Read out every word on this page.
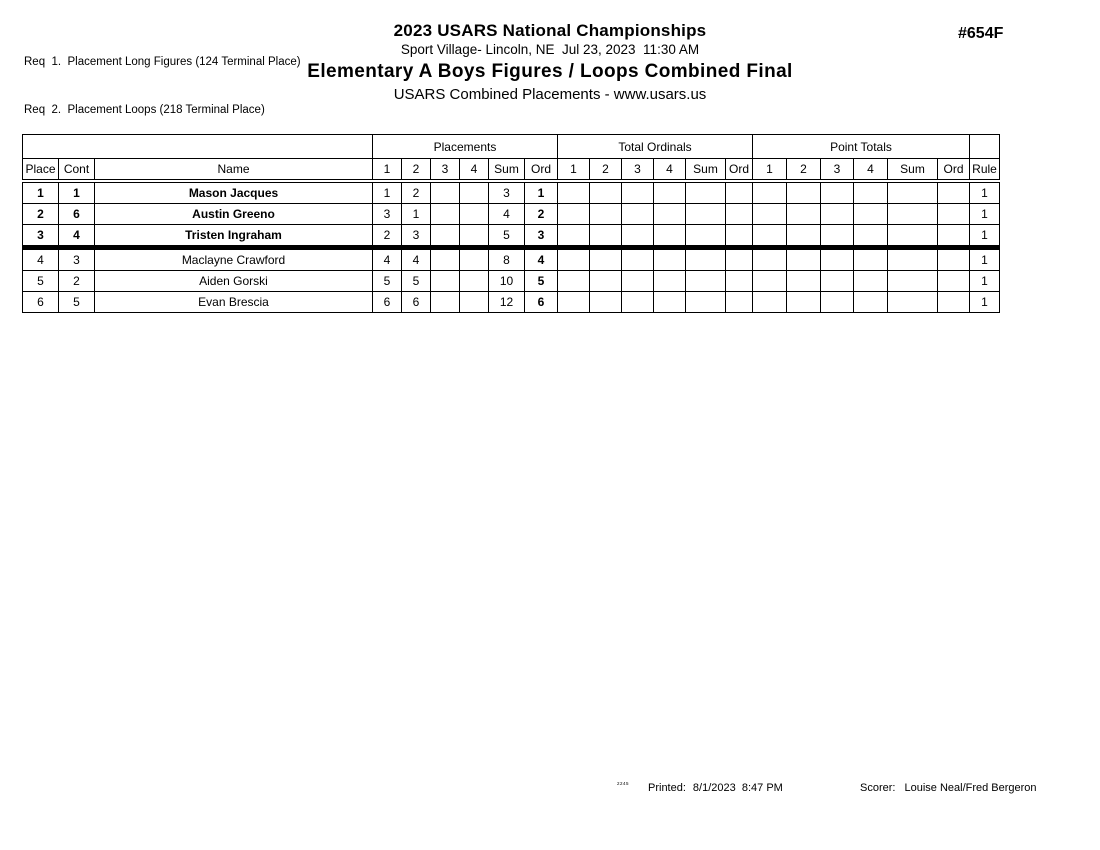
Req  1.  Placement Long Figures (124 Terminal Place)

Req  2.  Placement Loops (218 Terminal Place)

2023 USARS National Championships
Sport Village- Lincoln, NE  Jul 23, 2023  11:30 AM
Elementary A Boys Figures / Loops Combined Final
USARS Combined Placements - www.usars.us
#654F
			Placements						Total Ordinals						Point Totals						
Place	Cont	Name	1	2	3	4	Sum	Ord	1	2	3	4	Sum	Ord	1	2	3	4	Sum	Ord	Rule
1	1	Mason Jacques	1	2			3	1													1
2	6	Austin Greeno	3	1			4	2													1
3	4	Tristen Ingraham	2	3			5	3													1
4	3	Maclayne Crawford	4	4			8	4													1
5	2	Aiden Gorski	5	5			10	5													1
6	5	Evan Brescia	6	6			12	6													1
2245 Printed: 8/1/2023  8:47 PM	Scorer: Louise Neal/Fred Bergeron
